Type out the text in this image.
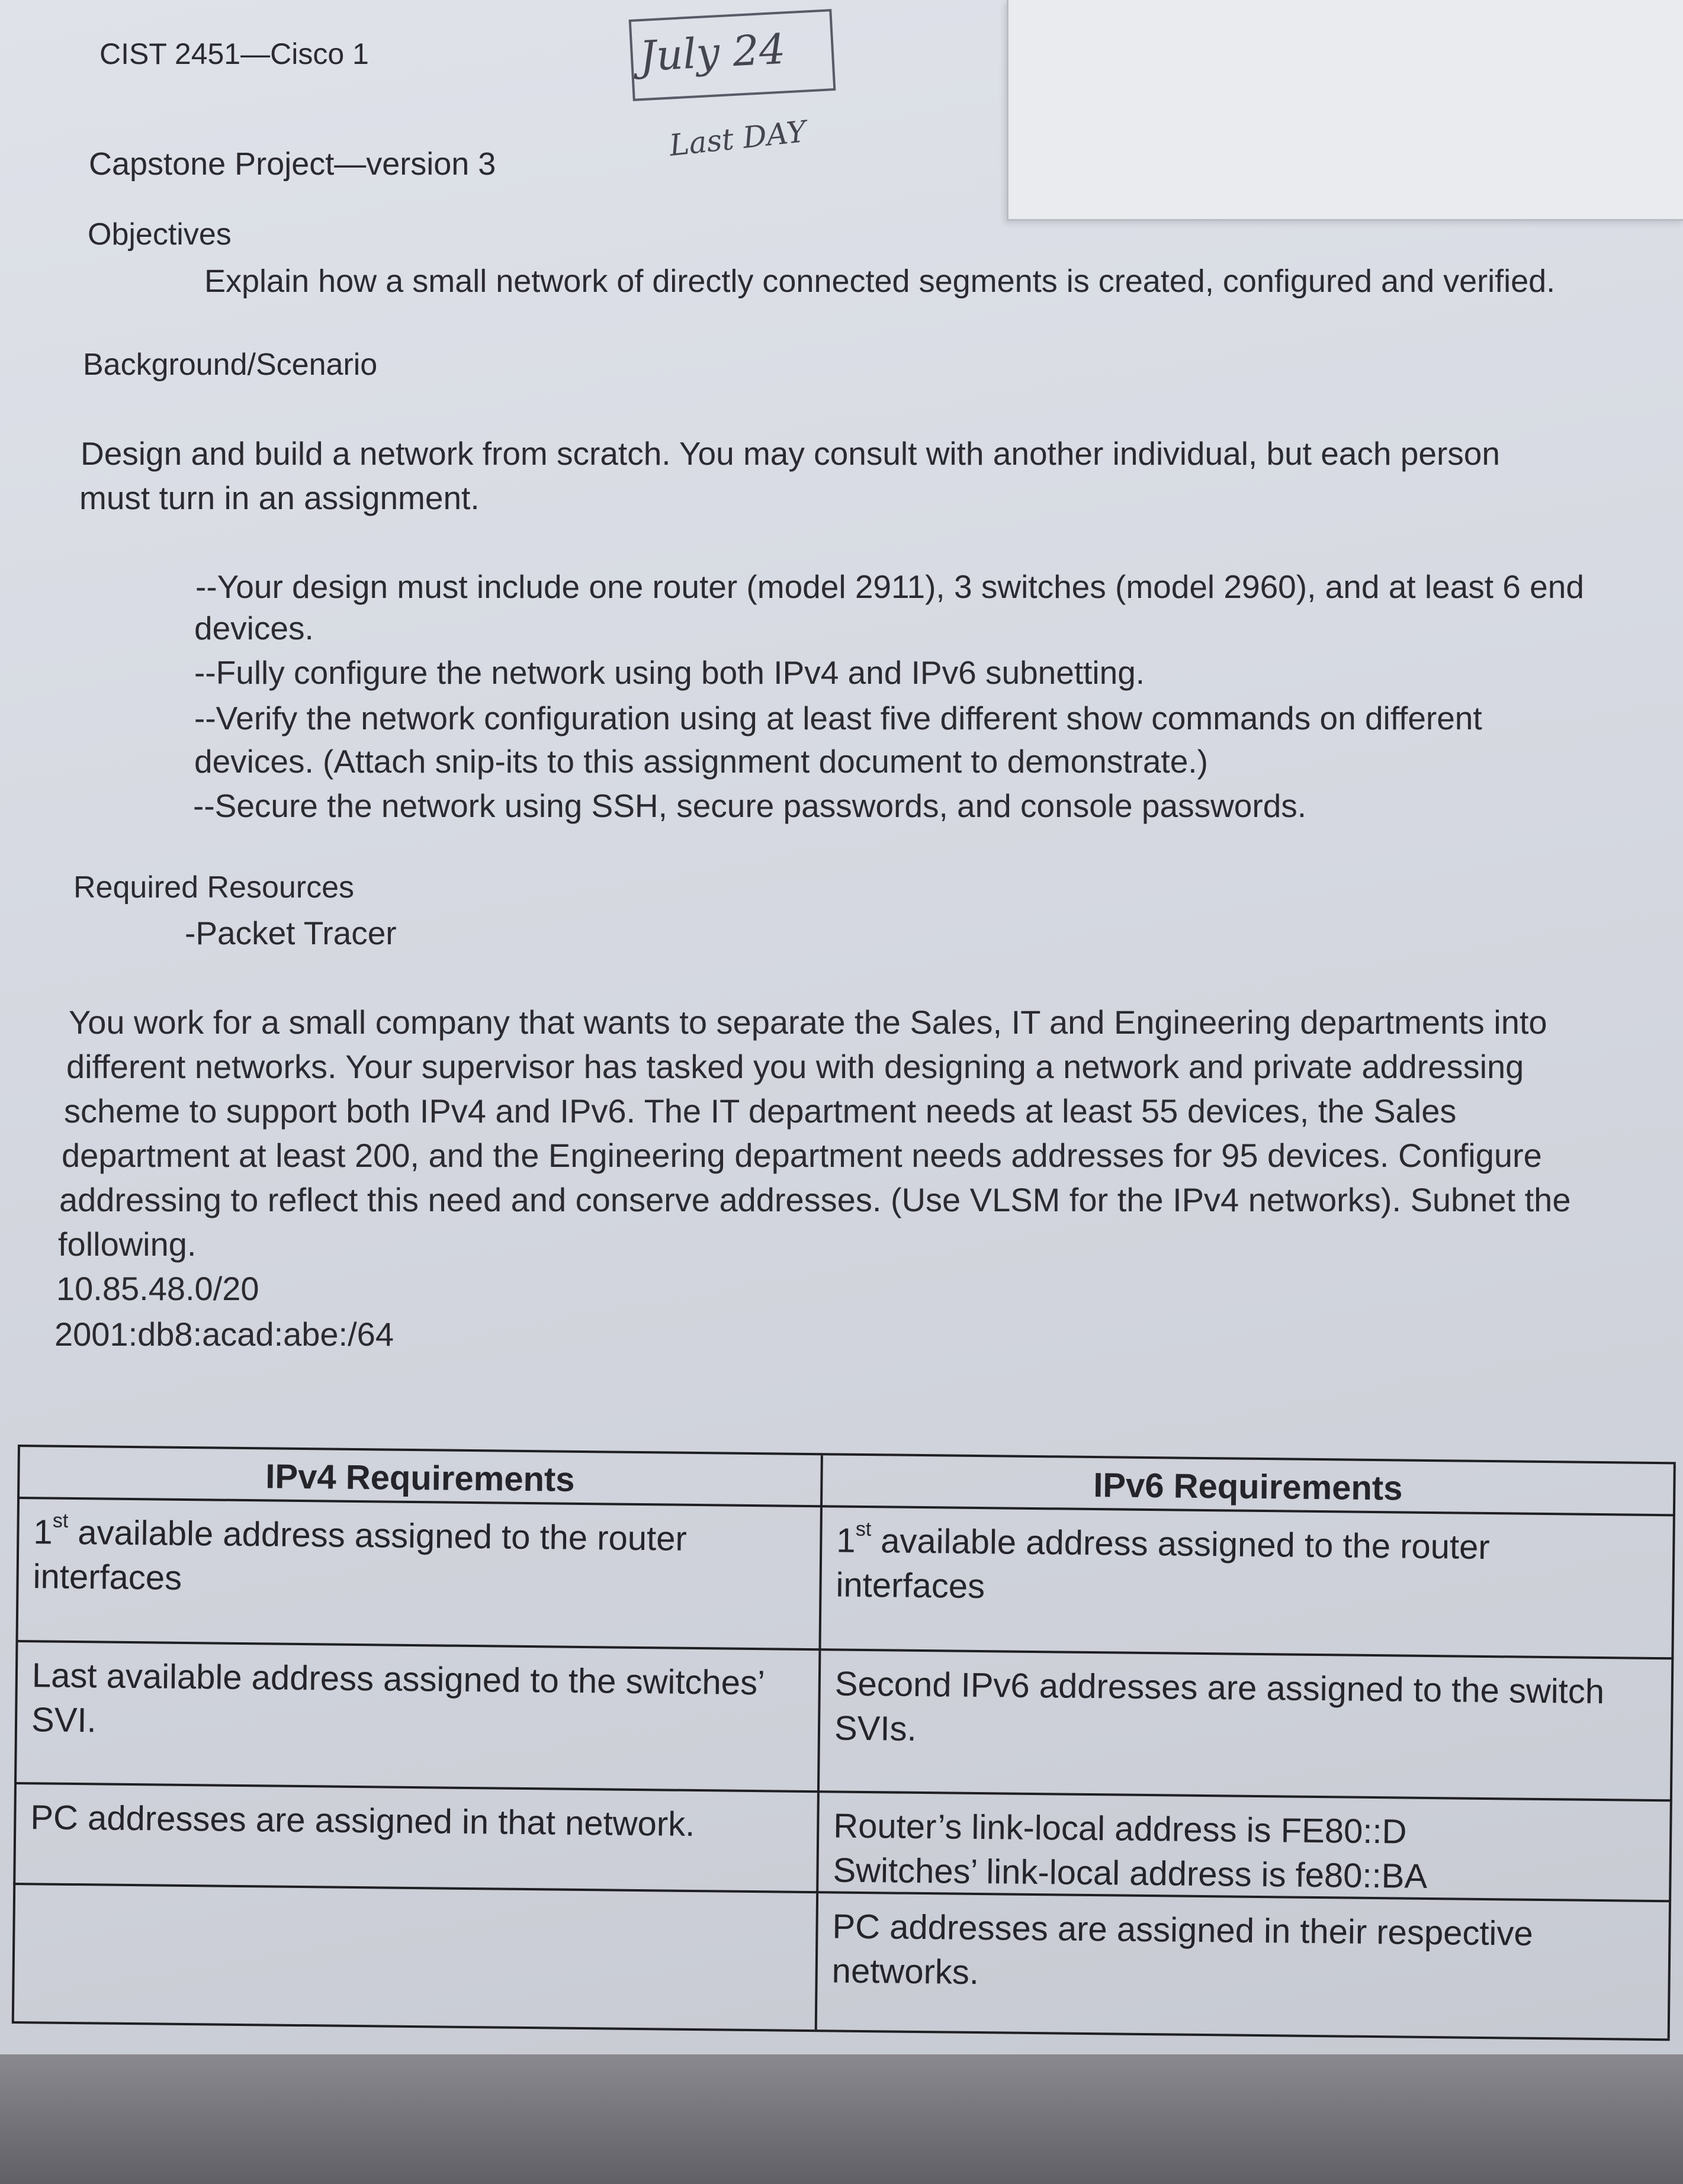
CIST 2451—Cisco 1
Capstone Project—version 3
July 24
Last DAY
Objectives
Explain how a small network of directly connected segments is created, configured and verified.
Background/Scenario
Design and build a network from scratch. You may consult with another individual, but each person
must turn in an assignment.
--Your design must include one router (model 2911), 3 switches (model 2960), and at least 6 end
devices.
--Fully configure the network using both IPv4 and IPv6 subnetting.
--Verify the network configuration using at least five different show commands on different
devices. (Attach snip-its to this assignment document to demonstrate.)
--Secure the network using SSH, secure passwords, and console passwords.
Required Resources
-Packet Tracer
You work for a small company that wants to separate the Sales, IT and Engineering departments into
different networks. Your supervisor has tasked you with designing a network and private addressing
scheme to support both IPv4 and IPv6. The IT department needs at least 55 devices, the Sales
department at least 200, and the Engineering department needs addresses for 95 devices. Configure
addressing to reflect this need and conserve addresses. (Use VLSM for the IPv4 networks). Subnet the
following.
10.85.48.0/20
2001:db8:acad:abe:/64
IPv4 Requirements	IPv6 Requirements
1st available address assigned to the router
interfaces
1st available address assigned to the router
interfaces
Last available address assigned to the switches’
SVI.
Second IPv6 addresses are assigned to the switch
SVIs.
PC addresses are assigned in that network.	Router’s link-local address is FE80::D
Switches’ link-local address is fe80::BA
PC addresses are assigned in their respective
networks.
